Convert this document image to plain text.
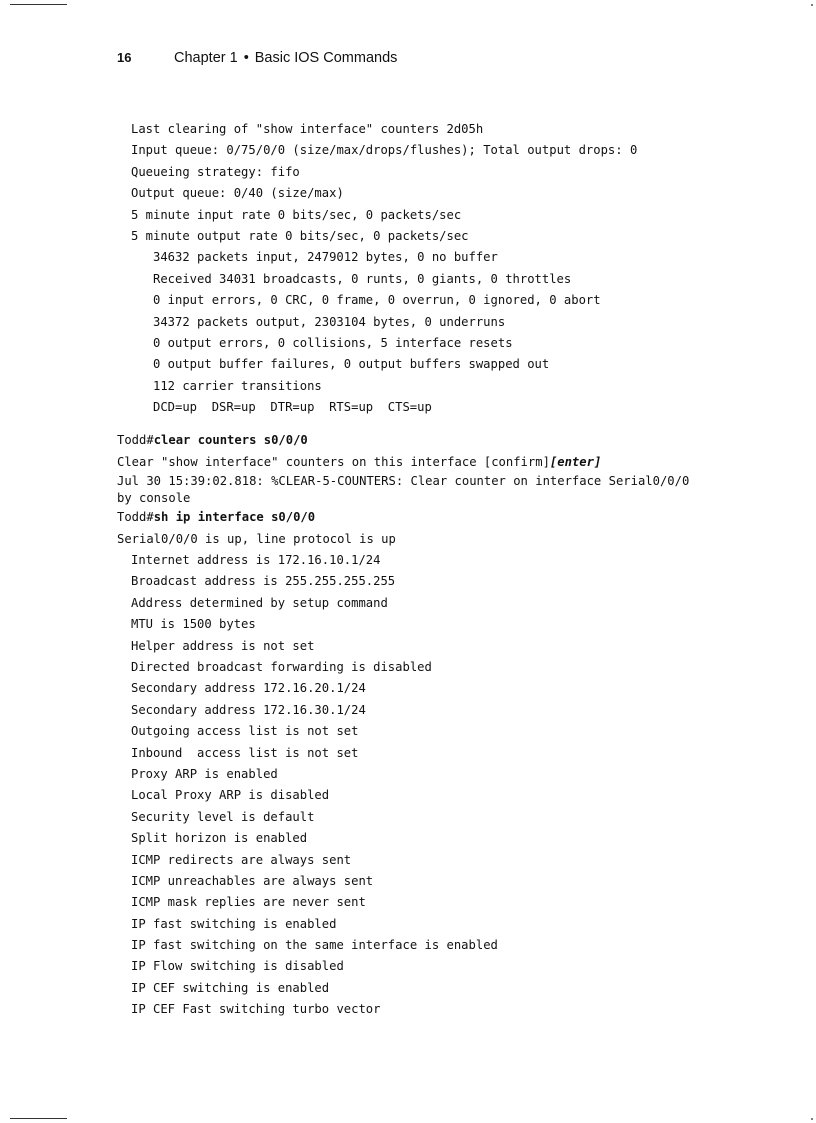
16	Chapter 1 • Basic IOS Commands
Last clearing of "show interface" counters 2d05h
Input queue: 0/75/0/0 (size/max/drops/flushes); Total output drops: 0
Queueing strategy: fifo
Output queue: 0/40 (size/max)
5 minute input rate 0 bits/sec, 0 packets/sec
5 minute output rate 0 bits/sec, 0 packets/sec
34632 packets input, 2479012 bytes, 0 no buffer
Received 34031 broadcasts, 0 runts, 0 giants, 0 throttles
0 input errors, 0 CRC, 0 frame, 0 overrun, 0 ignored, 0 abort
34372 packets output, 2303104 bytes, 0 underruns
0 output errors, 0 collisions, 5 interface resets
0 output buffer failures, 0 output buffers swapped out
112 carrier transitions
DCD=up  DSR=up  DTR=up  RTS=up  CTS=up
Todd#clear counters s0/0/0
Clear "show interface" counters on this interface [confirm][enter]
Jul 30 15:39:02.818: %CLEAR-5-COUNTERS: Clear counter on interface Serial0/0/0
by console
Todd#sh ip interface s0/0/0
Serial0/0/0 is up, line protocol is up
Internet address is 172.16.10.1/24
Broadcast address is 255.255.255.255
Address determined by setup command
MTU is 1500 bytes
Helper address is not set
Directed broadcast forwarding is disabled
Secondary address 172.16.20.1/24
Secondary address 172.16.30.1/24
Outgoing access list is not set
Inbound  access list is not set
Proxy ARP is enabled
Local Proxy ARP is disabled
Security level is default
Split horizon is enabled
ICMP redirects are always sent
ICMP unreachables are always sent
ICMP mask replies are never sent
IP fast switching is enabled
IP fast switching on the same interface is enabled
IP Flow switching is disabled
IP CEF switching is enabled
IP CEF Fast switching turbo vector
